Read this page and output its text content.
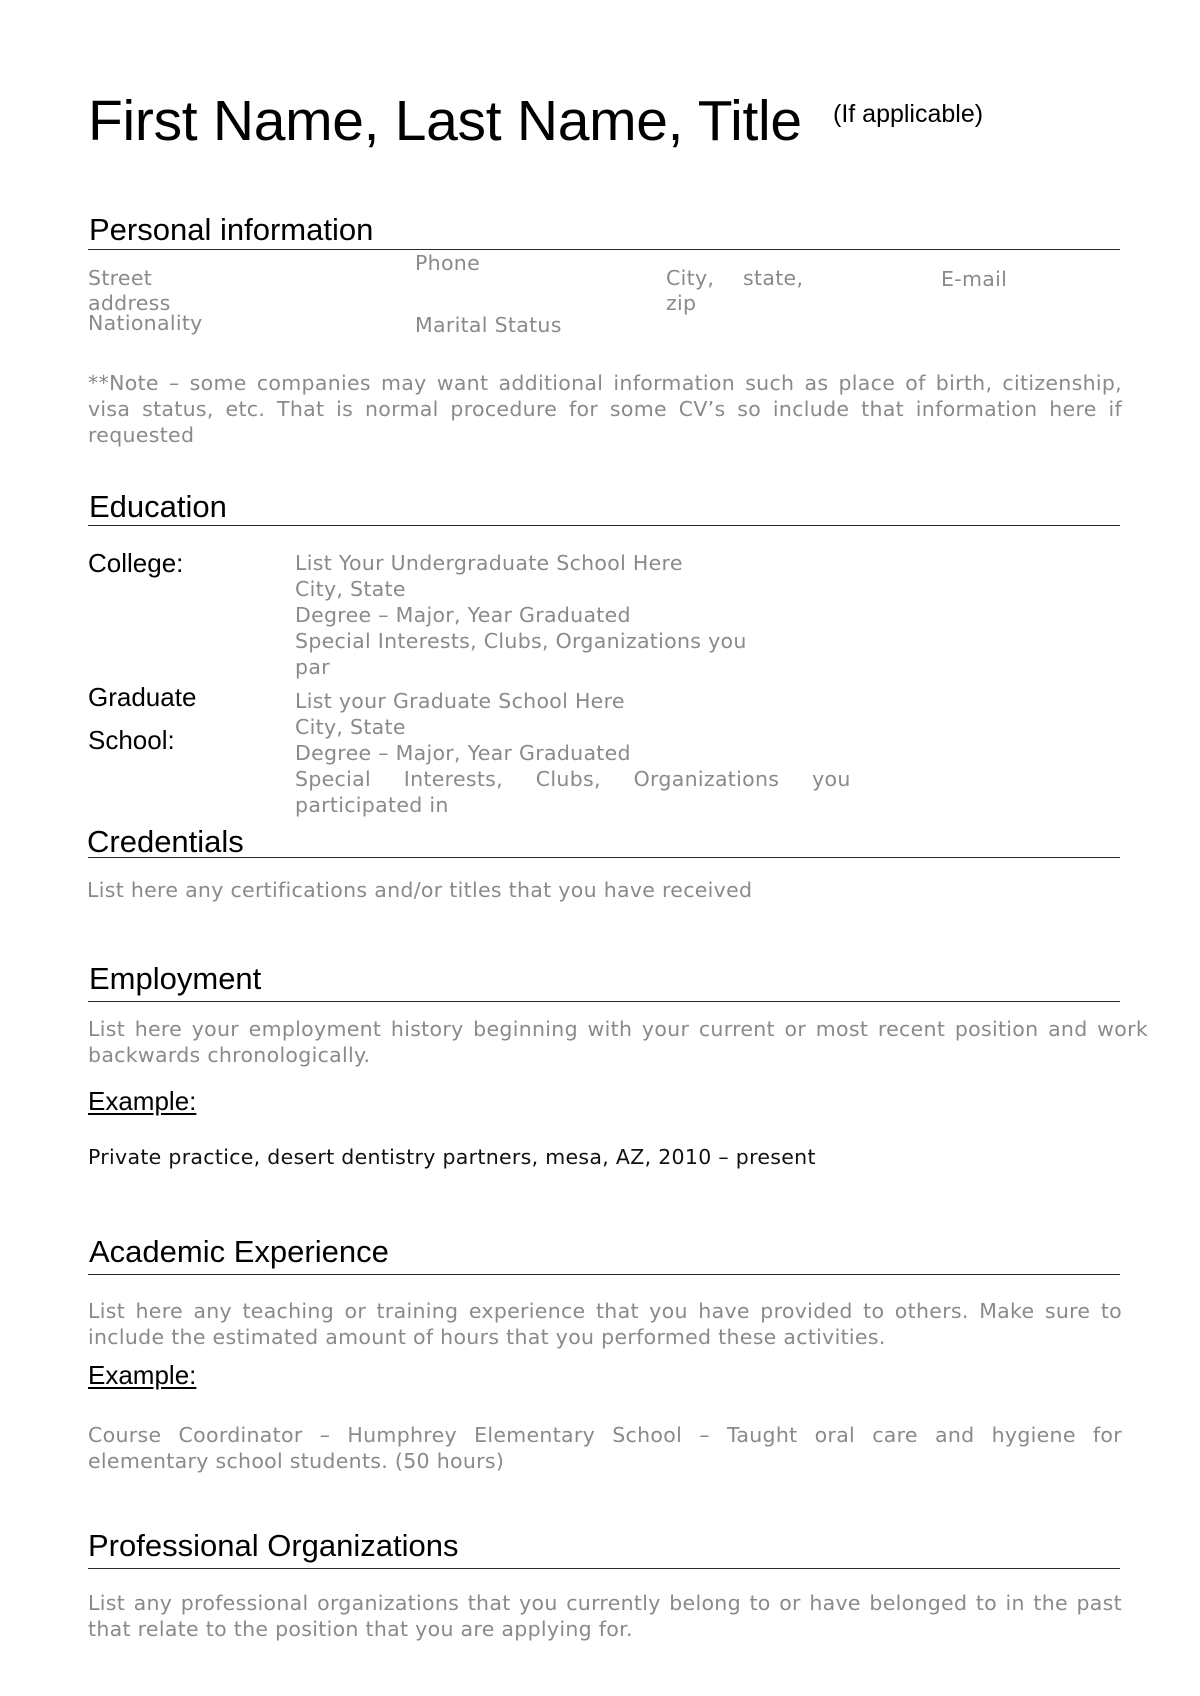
First Name, Last Name, Title (If applicable)
Personal information
Street address
Phone
City, state, zip
E-mail
Nationality	Marital Status
**Note – some companies may want additional information such as place of birth, citizenship, visa status, etc. That is normal procedure for some CV’s so include that information here if requested
Education
College:	List Your Undergraduate School Here
City, State
Degree – Major, Year Graduated
Special Interests, Clubs, Organizations you
par
Graduate
School:
List your Graduate School Here
City, State
Degree – Major, Year Graduated
Special Interests, Clubs, Organizations you
participated in
Credentials
List here any certifications and/or titles that you have received
Employment
List here your employment history beginning with your current or most recent position and work backwards chronologically.
Example:
Private practice, desert dentistry partners, mesa, AZ, 2010 – present
Academic Experience
List here any teaching or training experience that you have provided to others. Make sure to include the estimated amount of hours that you performed these activities.
Example:
Course Coordinator – Humphrey Elementary School – Taught oral care and hygiene for elementary school students. (50 hours)
Professional Organizations
List any professional organizations that you currently belong to or have belonged to in the past that relate to the position that you are applying for.
